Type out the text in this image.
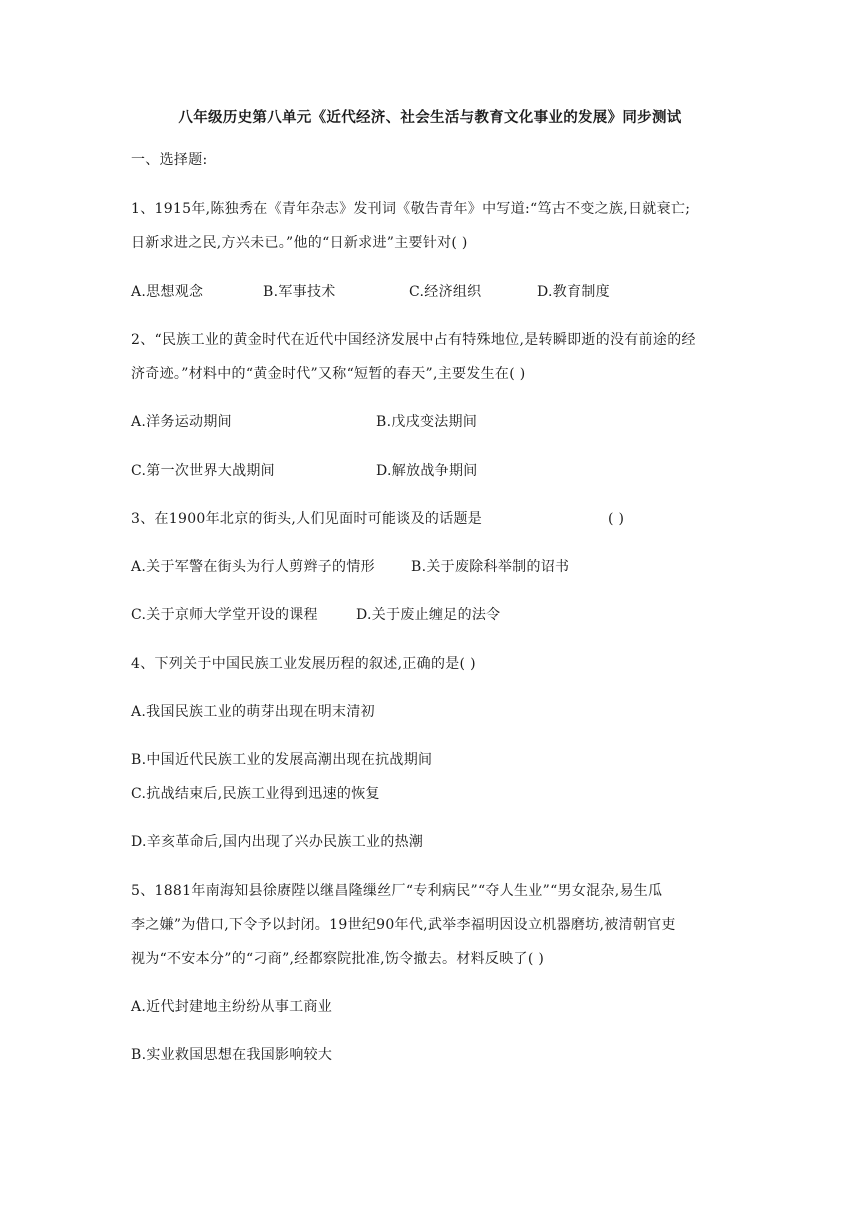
八年级历史第八单元《近代经济、社会生活与教育文化事业的发展》同步测试
一、选择题:
1、1915年,陈独秀在《青年杂志》发刊词《敬告青年》中写道:“笃古不变之族,日就衰亡;
日新求进之民,方兴未已。”他的“日新求进”主要针对( )
A.思想观念	B.军事技术	C.经济组织	D.教育制度
2、“民族工业的黄金时代在近代中国经济发展中占有特殊地位,是转瞬即逝的没有前途的经
济奇迹。”材料中的“黄金时代”又称“短暂的春天”,主要发生在( )
A.洋务运动期间	B.戊戌变法期间
C.第一次世界大战期间	D.解放战争期间
3、在1900年北京的街头,人们见面时可能谈及的话题是	( )
A.关于军警在街头为行人剪辫子的情形	B.关于废除科举制的诏书
C.关于京师大学堂开设的课程	D.关于废止缠足的法令
4、下列关于中国民族工业发展历程的叙述,正确的是( )
A.我国民族工业的萌芽出现在明末清初
B.中国近代民族工业的发展高潮出现在抗战期间
C.抗战结束后,民族工业得到迅速的恢复
D.辛亥革命后,国内出现了兴办民族工业的热潮
5、1881年南海知县徐赓陛以继昌隆缫丝厂“专利病民”“夺人生业”“男女混杂,易生瓜
李之嫌”为借口,下令予以封闭。19世纪90年代,武举李福明因设立机器磨坊,被清朝官吏
视为“不安本分”的“刁商”,经都察院批准,饬令撤去。材料反映了( )
A.近代封建地主纷纷从事工商业
B.实业救国思想在我国影响较大
